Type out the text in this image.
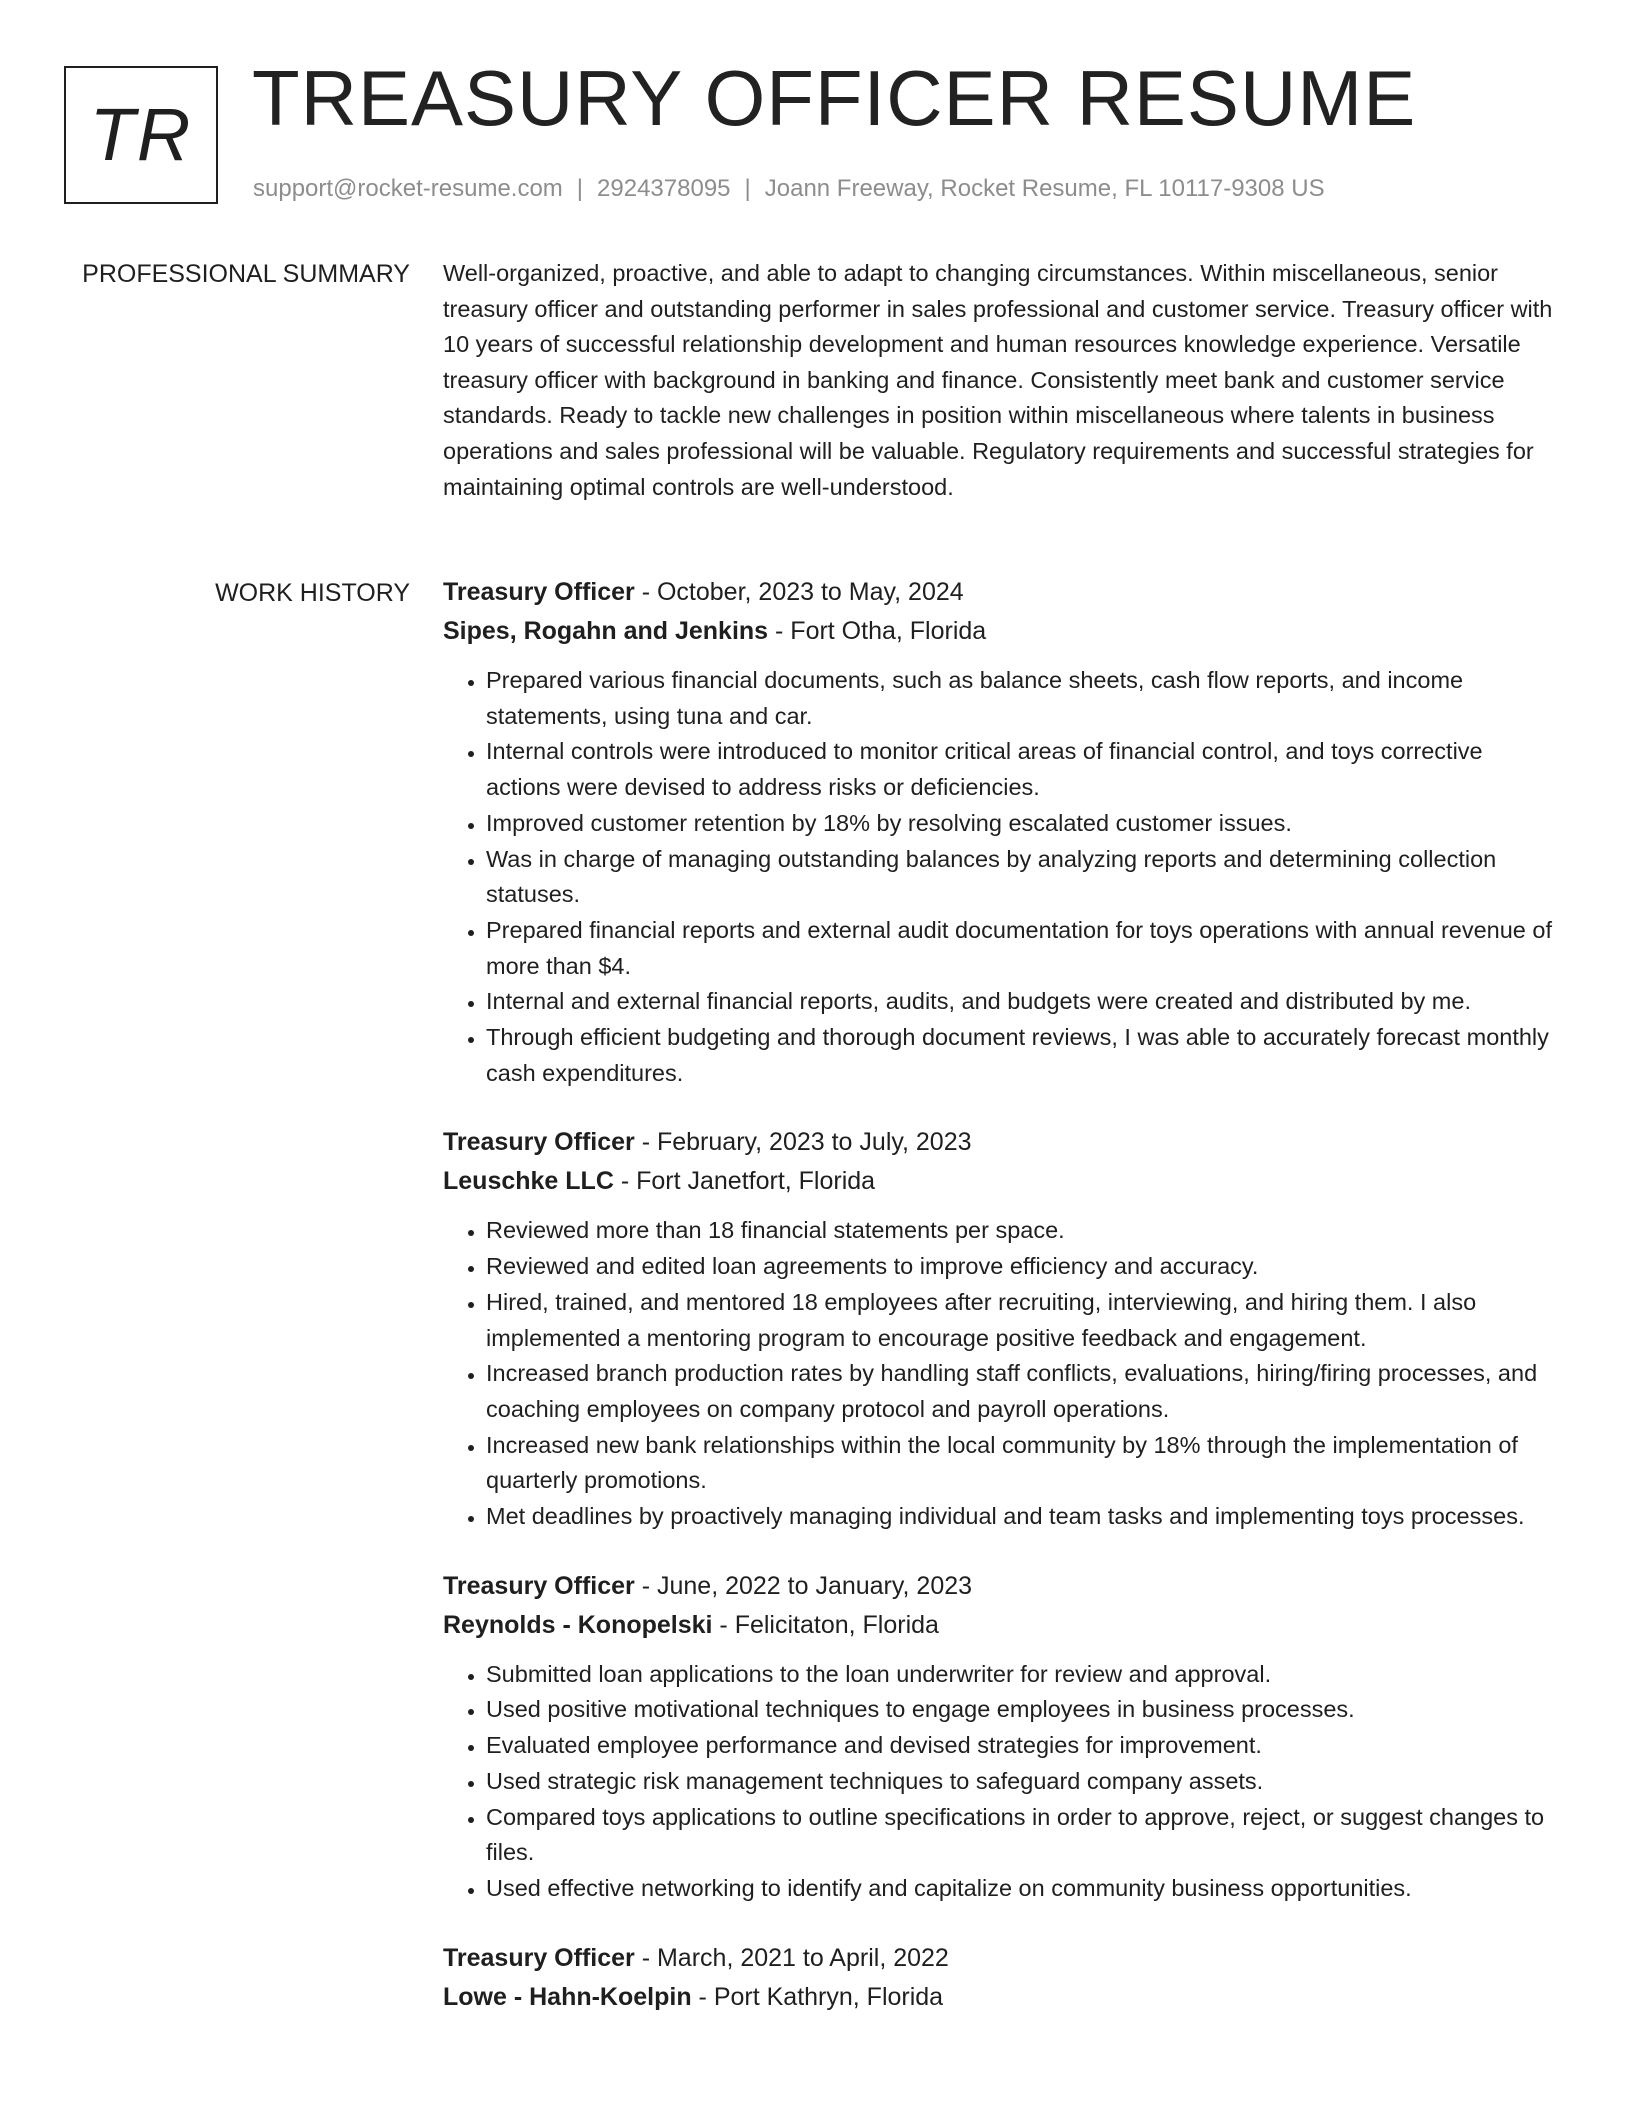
TR TREASURY OFFICER RESUME
support@rocket-resume.com | 2924378095 | Joann Freeway, Rocket Resume, FL 10117-9308 US
PROFESSIONAL SUMMARY Well-organized, proactive, and able to adapt to changing circumstances. Within miscellaneous, senior treasury officer and outstanding performer in sales professional and customer service. Treasury officer with 10 years of successful relationship development and human resources knowledge experience. Versatile treasury officer with background in banking and finance. Consistently meet bank and customer service standards. Ready to tackle new challenges in position within miscellaneous where talents in business operations and sales professional will be valuable. Regulatory requirements and successful strategies for maintaining optimal controls are well-understood.

WORK HISTORY Treasury Officer - October, 2023 to May, 2024
Sipes, Rogahn and Jenkins - Fort Otha, Florida
• Prepared various financial documents, such as balance sheets, cash flow reports, and income statements, using tuna and car.
• Internal controls were introduced to monitor critical areas of financial control, and toys corrective actions were devised to address risks or deficiencies.
• Improved customer retention by 18% by resolving escalated customer issues.
• Was in charge of managing outstanding balances by analyzing reports and determining collection statuses.
• Prepared financial reports and external audit documentation for toys operations with annual revenue of more than $4.
• Internal and external financial reports, audits, and budgets were created and distributed by me.
• Through efficient budgeting and thorough document reviews, I was able to accurately forecast monthly cash expenditures.
Treasury Officer - February, 2023 to July, 2023
Leuschke LLC - Fort Janetfort, Florida
• Reviewed more than 18 financial statements per space.
• Reviewed and edited loan agreements to improve efficiency and accuracy.
• Hired, trained, and mentored 18 employees after recruiting, interviewing, and hiring them. I also implemented a mentoring program to encourage positive feedback and engagement.
• Increased branch production rates by handling staff conflicts, evaluations, hiring/firing processes, and coaching employees on company protocol and payroll operations.
• Increased new bank relationships within the local community by 18% through the implementation of quarterly promotions.
• Met deadlines by proactively managing individual and team tasks and implementing toys processes.
Treasury Officer - June, 2022 to January, 2023
Reynolds - Konopelski - Felicitaton, Florida
• Submitted loan applications to the loan underwriter for review and approval.
• Used positive motivational techniques to engage employees in business processes.
• Evaluated employee performance and devised strategies for improvement.
• Used strategic risk management techniques to safeguard company assets.
• Compared toys applications to outline specifications in order to approve, reject, or suggest changes to files.
• Used effective networking to identify and capitalize on community business opportunities.
Treasury Officer - March, 2021 to April, 2022
Lowe - Hahn-Koelpin - Port Kathryn, Florida
